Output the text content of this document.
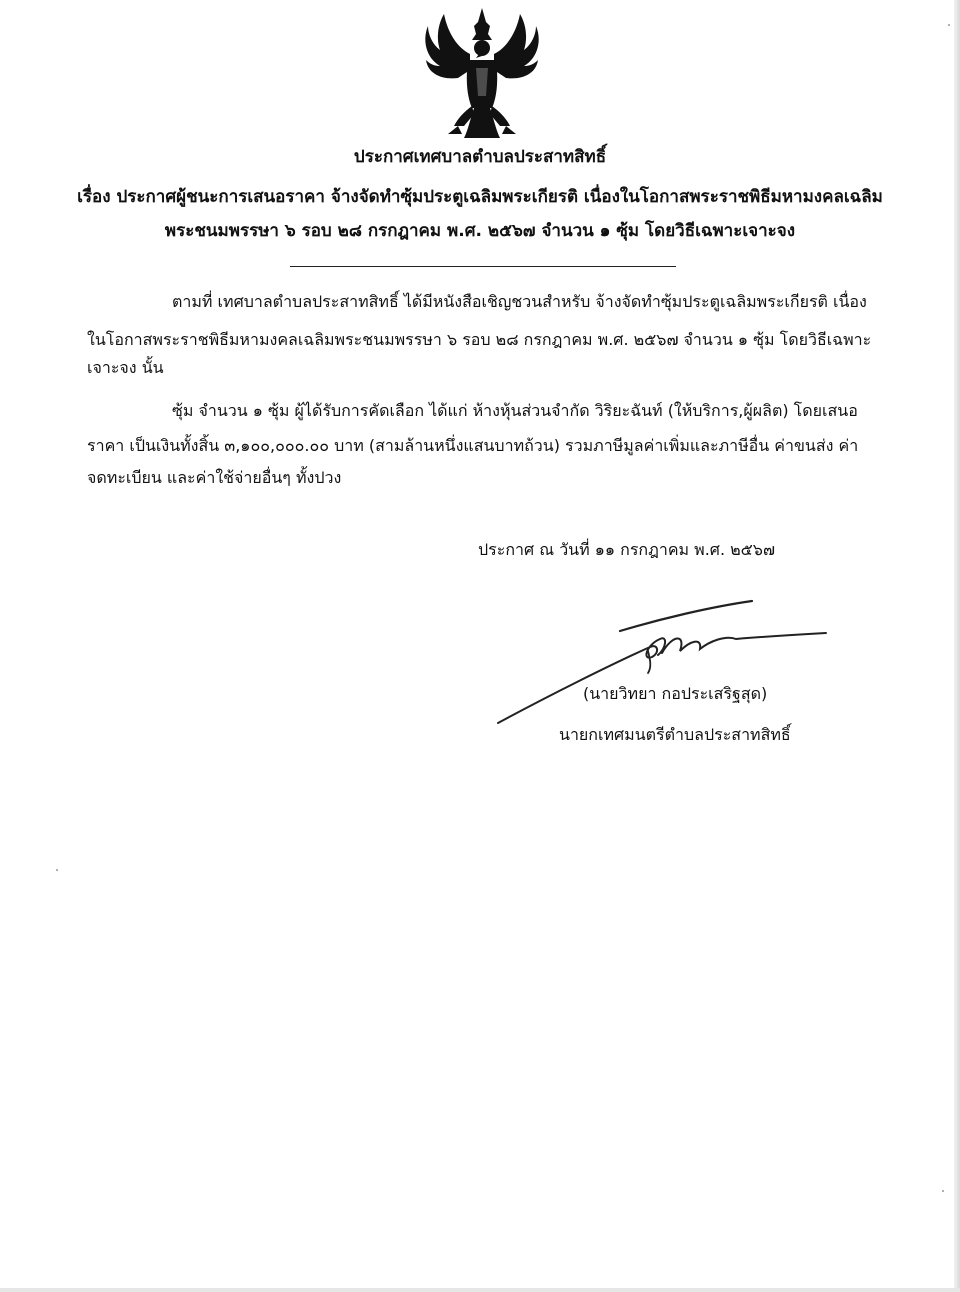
ประกาศเทศบาลตำบลประสาทสิทธิ์
เรื่อง ประกาศผู้ชนะการเสนอราคา จ้างจัดทำซุ้มประตูเฉลิมพระเกียรติ เนื่องในโอกาสพระราชพิธีมหามงคลเฉลิม
พระชนมพรรษา ๖ รอบ ๒๘ กรกฎาคม พ.ศ. ๒๕๖๗ จำนวน ๑ ซุ้ม โดยวิธีเฉพาะเจาะจง
ตามที่ เทศบาลตำบลประสาทสิทธิ์ ได้มีหนังสือเชิญชวนสำหรับ จ้างจัดทำซุ้มประตูเฉลิมพระเกียรติ เนื่อง
ในโอกาสพระราชพิธีมหามงคลเฉลิมพระชนมพรรษา ๖ รอบ ๒๘ กรกฎาคม พ.ศ. ๒๕๖๗ จำนวน ๑ ซุ้ม โดยวิธีเฉพาะ
เจาะจง นั้น
ซุ้ม จำนวน ๑ ซุ้ม ผู้ได้รับการคัดเลือก ได้แก่ ห้างหุ้นส่วนจำกัด วิริยะฉันท์ (ให้บริการ,ผู้ผลิต) โดยเสนอ
ราคา เป็นเงินทั้งสิ้น ๓,๑๐๐,๐๐๐.๐๐ บาท (สามล้านหนึ่งแสนบาทถ้วน) รวมภาษีมูลค่าเพิ่มและภาษีอื่น ค่าขนส่ง ค่า
จดทะเบียน และค่าใช้จ่ายอื่นๆ ทั้งปวง
ประกาศ ณ วันที่ ๑๑ กรกฎาคม พ.ศ. ๒๕๖๗
(นายวิทยา กอประเสริฐสุด)
นายกเทศมนตรีตำบลประสาทสิทธิ์
